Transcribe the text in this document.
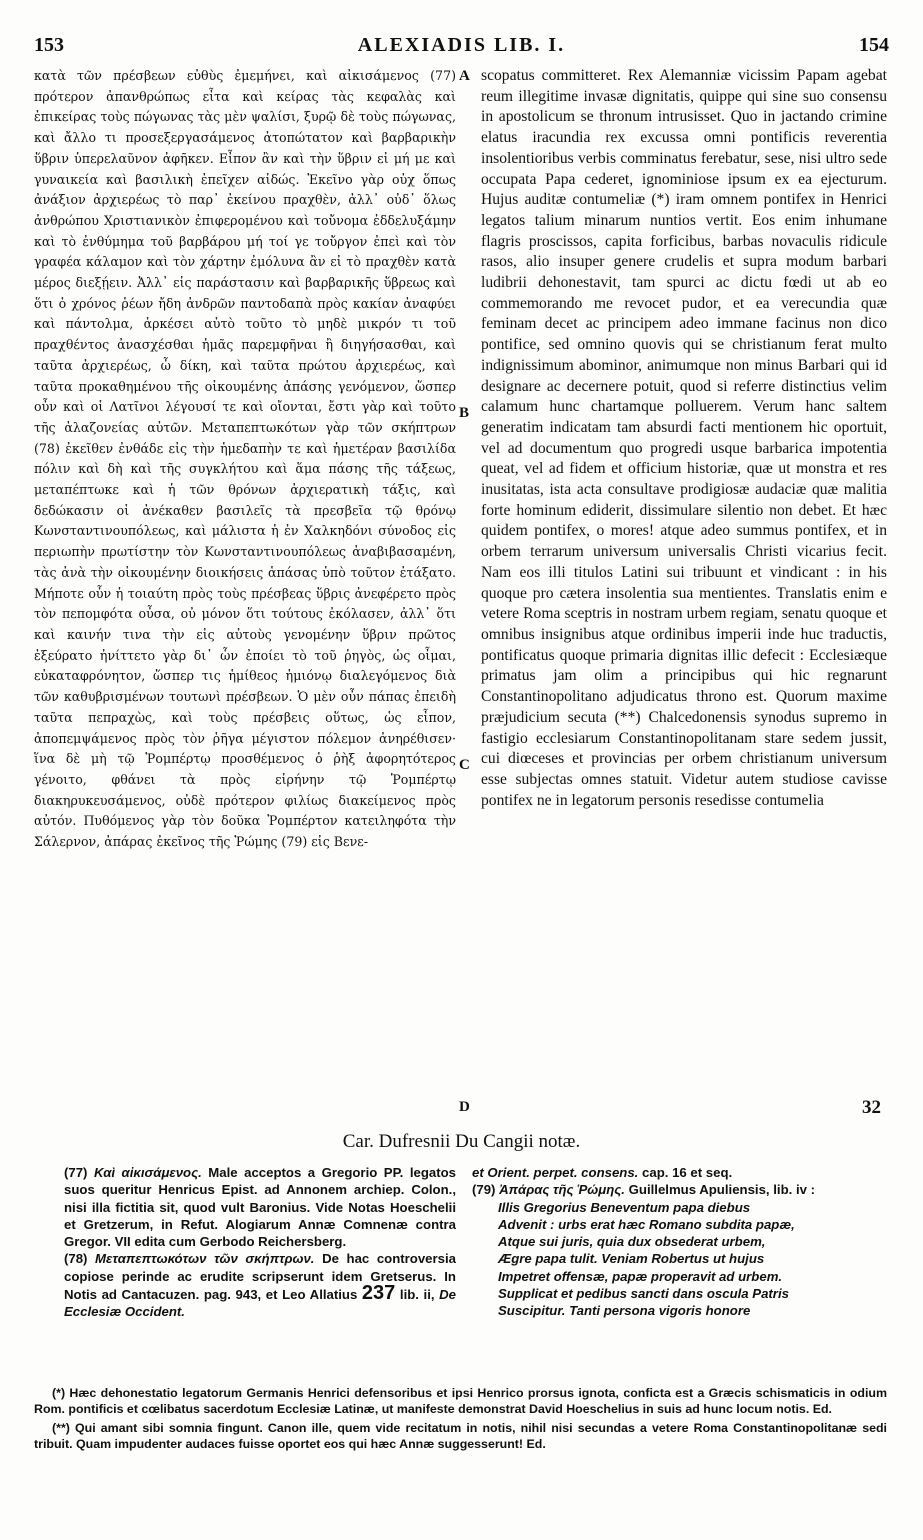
153	ALEXIADIS LIB. I.	154

κατὰ τῶν πρέσβεων εὐθὺς ἐμεμήνει, καὶ αἰκισάμενος (77) πρότερον ἀπανθρώπως εἶτα καὶ κείρας τὰς κεφαλὰς καὶ ἐπικείρας τοὺς πώγωνας τὰς μὲν ψαλίσι, ξυρῷ δὲ τοὺς πώγωνας, καὶ ἄλλο τι προσεξεργασάμενος ἀτοπώτατον καὶ βαρβαρικὴν ὕβριν ὑπερελαῦνον ἀφῆκεν. Εἶπον ἂν καὶ τὴν ὕβριν εἰ μή με καὶ γυναικεία καὶ βασιλικὴ ἐπεῖχεν αἰδώς. Ἐκεῖνο γὰρ οὐχ ὅπως ἀνάξιον ἀρχιερέως τὸ παρ᾽ ἐκείνου πραχθὲν, ἀλλ᾽ οὐδ᾽ ὅλως ἀνθρώπου Χριστιανικὸν ἐπιφερομένου καὶ τοὔνομα ἐδδελυξάμην καὶ τὸ ἐνθύμημα τοῦ βαρβάρου μή τοί γε τοὔργον ἐπεὶ καὶ τὸν γραφέα κάλαμον καὶ τὸν χάρτην ἐμόλυνα ἂν εἰ τὸ πραχθὲν κατὰ μέρος διεξῄειν. Ἀλλ᾽ εἰς παράστασιν καὶ βαρβαρικῆς ὕβρεως καὶ ὅτι ὁ χρόνος ῥέων ἤδη ἀνδρῶν παντοδαπὰ πρὸς κακίαν ἀναφύει καὶ πάντολμα, ἀρκέσει αὐτὸ τοῦτο τὸ μηδὲ μικρόν τι τοῦ πραχθέντος ἀνασχέσθαι ἡμᾶς παρεμφῆναι ἢ διηγήσασθαι, καὶ ταῦτα ἀρχιερέως, ὦ δίκη, καὶ ταῦτα πρώτου ἀρχιερέως, καὶ ταῦτα προκαθημένου τῆς οἰκουμένης ἁπάσης γενόμενον, ὥσπερ οὖν καὶ οἱ Λατῖνοι λέγουσί τε καὶ οἴονται, ἔστι γὰρ καὶ τοῦτο τῆς ἀλαζονείας αὐτῶν. Μεταπεπτωκότων γὰρ τῶν σκήπτρων (78) ἐκεῖθεν ἐνθάδε εἰς τὴν ἡμεδαπὴν τε καὶ ἡμετέραν βασιλίδα πόλιν καὶ δὴ καὶ τῆς συγκλήτου καὶ ἅμα πάσης τῆς τάξεως, μεταπέπτωκε καὶ ἡ τῶν θρόνων ἀρχιερατικὴ τάξις, καὶ δεδώκασιν οἱ ἀνέκαθεν βασιλεῖς τὰ πρεσβεῖα τῷ θρόνῳ Κωνσταντινουπόλεως, καὶ μάλιστα ἡ ἐν Χαλκηδόνι σύνοδος εἰς περιωπὴν πρωτίστην τὸν Κωνσταντινουπόλεως ἀναβιβασαμένη, τὰς ἀνὰ τὴν οἰκουμένην διοικήσεις ἁπάσας ὑπὸ τοῦτον ἐτάξατο. Μήποτε οὖν ἡ τοιαύτη πρὸς τοὺς πρέσβεας ὕβρις ἀνεφέρετο πρὸς τὸν πεπομφότα οὖσα, οὐ μόνον ὅτι τούτους ἐκόλασεν, ἀλλ᾽ ὅτι καὶ καινήν τινα τὴν εἰς αὐτοὺς γενομένην ὕβριν πρῶτος ἐξεύρατο ἠνίττετο γὰρ δι᾽ ὧν ἐποίει τὸ τοῦ ῥηγὸς, ὡς οἶμαι, εὐκαταφρόνητον, ὥσπερ τις ἡμίθεος ἡμιόνῳ διαλεγόμενος διὰ τῶν καθυβρισμένων τουτωνὶ πρέσβεων. Ὁ μὲν οὖν πάπας ἐπειδὴ ταῦτα πεπραχὼς, καὶ τοὺς πρέσβεις οὕτως, ὡς εἶπον, ἀποπεμψάμενος πρὸς τὸν ῥῆγα μέγιστον πόλεμον ἀνηρέθισεν· ἵνα δὲ μὴ τῷ Ῥομπέρτῳ προσθέμενος ὁ ῥὴξ ἀφορητότερος γένοιτο, φθάνει τὰ πρὸς εἰρήνην τῷ Ῥομπέρτῳ διακηρυκευσάμενος, οὐδὲ πρότερον φιλίως διακείμενος πρὸς αὐτόν. Πυθόμενος γὰρ τὸν δοῦκα Ῥομπέρτον κατειληφότα τὴν Σάλερνον, ἀπάρας ἐκεῖνος τῆς Ῥώμης (79) εἰς Βενε-

A
B
C
D

scopatus committeret. Rex Alemanniæ vicissim Papam agebat reum illegitime invasæ dignitatis, quippe qui sine suo consensu in apostolicum se thronum intrusisset. Quo in jactando crimine elatus iracundia rex excussa omni pontificis reverentia insolentioribus verbis comminatus ferebatur, sese, nisi ultro sede occupata Papa cederet, ignominiose ipsum ex ea ejecturum. Hujus auditæ contumeliæ (*) iram omnem pontifex in Henrici legatos talium minarum nuntios vertit. Eos enim inhumane flagris proscissos, capita forficibus, barbas novaculis ridicule rasos, alio insuper genere crudelis et supra modum barbari ludibrii dehonestavit, tam spurci ac dictu fœdi ut ab eo commemorando me revocet pudor, et ea verecundia quæ feminam decet ac principem adeo immane facinus non dico pontifice, sed omnino quovis qui se christianum ferat multo indignissimum abominor, animumque non minus Barbari qui id designare ac decernere potuit, quod si referre distinctius velim calamum hunc chartamque polluerem. Verum hanc saltem generatim indicatam tam absurdi facti mentionem hic oportuit, vel ad documentum quo progredi usque barbarica impotentia queat, vel ad fidem et officium historiæ, quæ ut monstra et res inusitatas, ista acta consultave prodigiosæ audaciæ quæ malitia forte hominum ediderit, dissimulare silentio non debet. Et hæc quidem pontifex, o mores! atque adeo summus pontifex, et in orbem terrarum universum universalis Christi vicarius fecit. Nam eos illi titulos Latini sui tribuunt et vindicant : in his quoque pro cætera insolentia sua mentientes. Translatis enim e vetere Roma sceptris in nostram urbem regiam, senatu quoque et omnibus insignibus atque ordinibus imperii inde huc traductis, pontificatus quoque primaria dignitas illic defecit : Ecclesiæque primatus jam olim a principibus qui hic regnarunt Constantinopolitano adjudicatus throno est. Quorum maxime præjudicium secuta (**) Chalcedonensis synodus supremo in fastigio ecclesiarum Constantinopolitanam stare sedem jussit, cui diœceses et provincias per orbem christianum universum esse subjectas omnes statuit. Videtur autem studiose cavisse pontifex ne in legatorum personis resedisse contumelia

32
Car. Dufresnii Du Cangii notæ.

(77) Καὶ αἰκισάμενος. Male acceptos a Gregorio PP. legatos suos queritur Henricus Epist. ad Annonem archiep. Colon., nisi illa fictitia sit, quod vult Baronius. Vide Notas Hoeschelii et Gretzerum, in Refut. Alogiarum Annæ Comnenæ contra Gregor. VII edita cum Gerbodo Reichersberg.

(78) Μεταπεπτωκότων τῶν σκήπτρων. De hac controversia copiose perinde ac erudite scripserunt idem Gretserus. In Notis ad Cantacuzen. pag. 943, et Leo Allatius 237 lib. ii, De Ecclesiæ Occident.

et Orient. perpet. consens. cap. 16 et seq.

(79) Ἀπάρας τῆς Ῥώμης. Guillelmus Apuliensis, lib. iv :

Illis Gregorius Beneventum papa diebus
Advenit : urbs erat hæc Romano subdita papæ,
Atque sui juris, quia dux obsederat urbem,
Ægre papa tulit. Veniam Robertus ut hujus
Impetret offensæ, papæ properavit ad urbem.
Supplicat et pedibus sancti dans oscula Patris
Suscipitur. Tanti persona vigoris honore

(*) Hæc dehonestatio legatorum Germanis Henrici defensoribus et ipsi Henrico prorsus ignota, conficta est a Græcis schismaticis in odium Rom. pontificis et cœlibatus sacerdotum Ecclesiæ Latinæ, ut manifeste demonstrat David Hoeschelius in suis ad hunc locum notis. Ed.

(**) Qui amant sibi somnia fingunt. Canon ille, quem vide recitatum in notis, nihil nisi secundas a vetere Roma Constantinopolitanæ sedi tribuit. Quam impudenter audaces fuisse oportet eos qui hæc Annæ suggesserunt! Ed.
